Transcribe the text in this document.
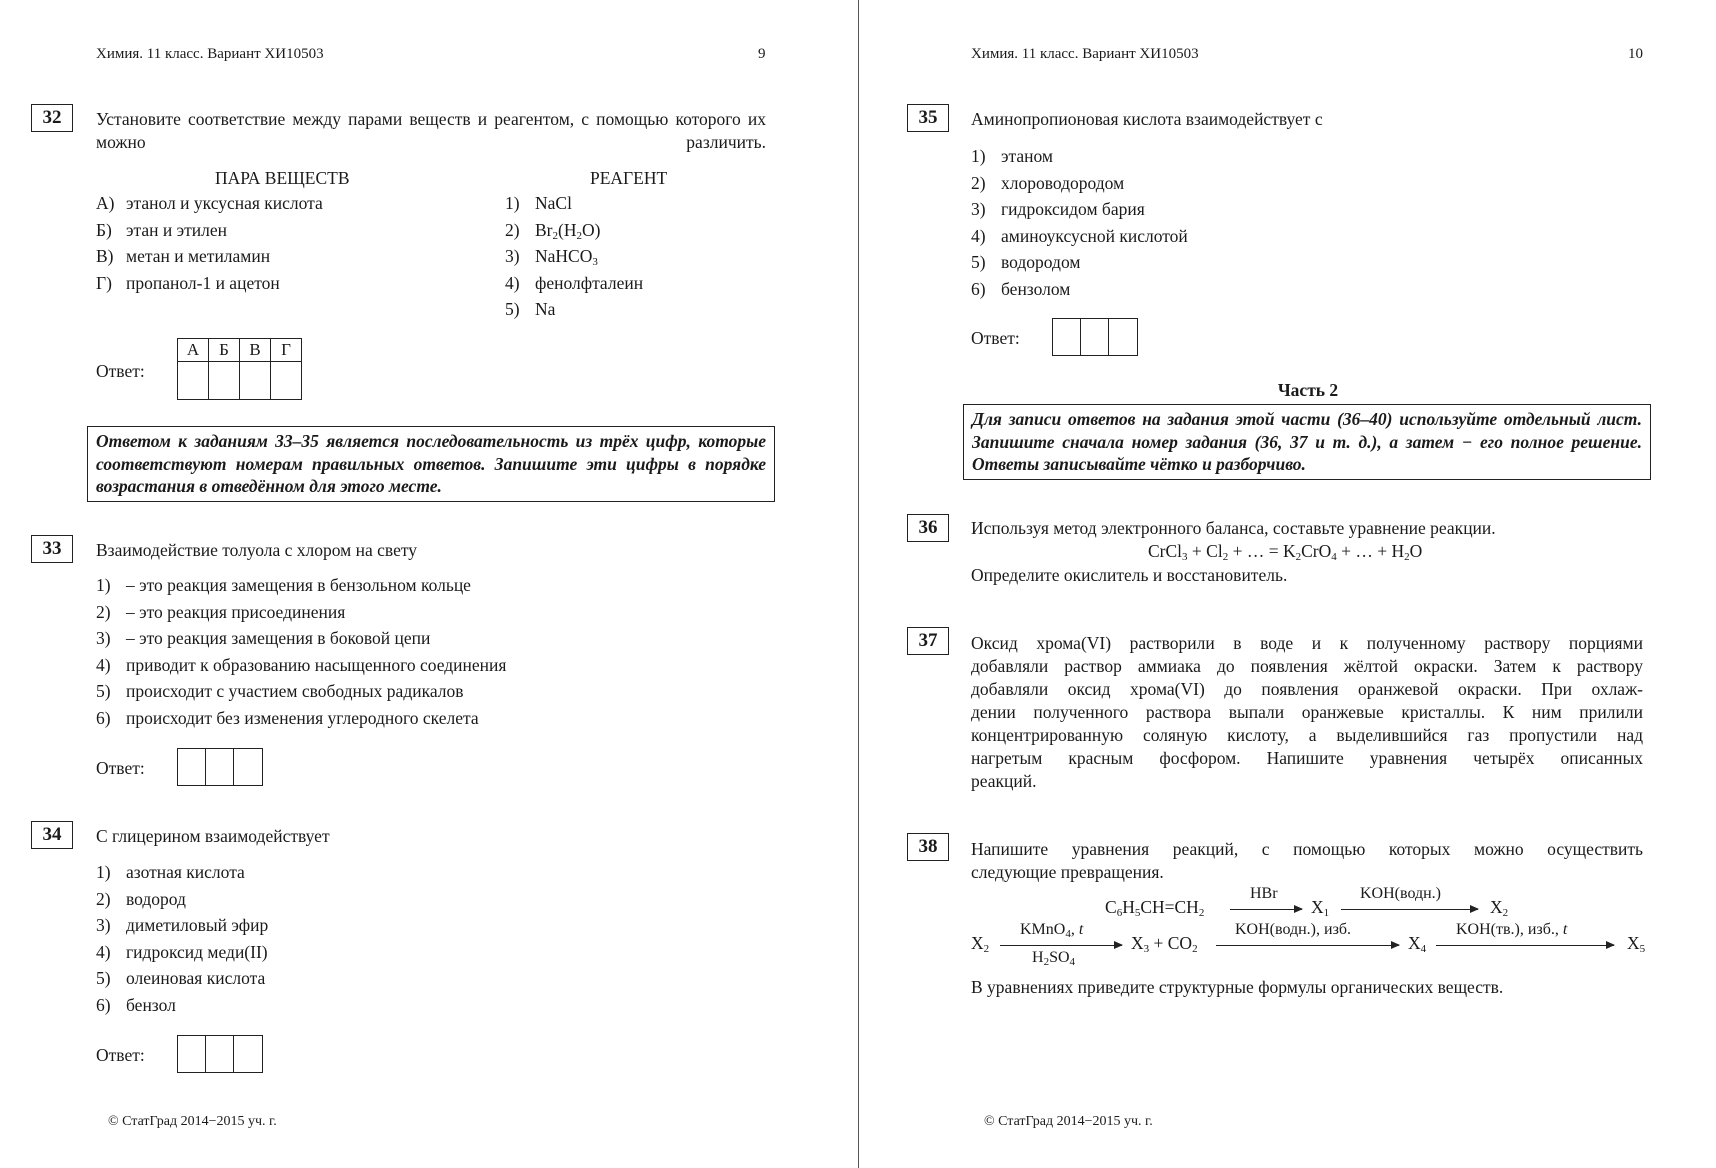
Химия. 11 класс. Вариант ХИ10503	9
32	Установите соответствие между парами веществ и реагентом, с помощью которого их можно различить.
ПАРА ВЕЩЕСТВ	РЕАГЕНТ
А) этанол и уксусная кислота
Б) этан и этилен
В) метан и метиламин
Г) пропанол-1 и ацетон
1) NaCl
2) $Br_2(H_2O)$
3) NaHCO$_3$
4) фенолфталеин
5) Na
Ответ:
А	Б	В	Г

Ответом к заданиям 33–35 является последовательность из трёх цифр, которые соответствуют номерам правильных ответов. Запишите эти цифры в порядке возрастания в отведённом для этого месте.
33	Взаимодействие толуола с хлором на свету
1) – это реакция замещения в бензольном кольце
2) – это реакция присоединения
3) – это реакция замещения в боковой цепи
4) приводит к образованию насыщенного соединения
5) происходит с участием свободных радикалов
6) происходит без изменения углеродного скелета
Ответ:
34	С глицерином взаимодействует
1) азотная кислота
2) водород
3) диметиловый эфир
4) гидроксид меди(II)
5) олеиновая кислота
6) бензол
Ответ:
© СтатГрад 2014−2015 уч. г.
Химия. 11 класс. Вариант ХИ10503	10
35	Аминопропионовая кислота взаимодействует с
1) этаном
2) хлороводородом
3) гидроксидом бария
4) аминоуксусной кислотой
5) водородом
6) бензолом
Ответ:
Часть 2
Для записи ответов на задания этой части (36–40) используйте отдельный лист. Запишите сначала номер задания (36, 37 и т. д.), а затем − его полное решение. Ответы записывайте чётко и разборчиво.
36	Используя метод электронного баланса, составьте уравнение реакции.
CrCl$_3$ + $Cl_2$ + … = $K_2CrO_4$ + … + $H_2O$
Определите окислитель и восстановитель.
37	Оксид хрома(VI) растворили в воде и к полученному раствору порциями
добавляли раствор аммиака до появления жёлтой окраски. Затем к раствору
добавляли оксид хрома(VI) до появления оранжевой окраски. При охлаж-
дении полученного раствора выпали оранжевые кристаллы. К ним прилили
концентрированную соляную кислоту, а выделившийся газ пропустили над
нагретым красным фосфором. Напишите уравнения четырёх описанных
реакций.
38	Напишите уравнения реакций, с помощью которых можно осуществить
следующие превращения.
$C_6H_5CH=CH_2$
HBr
$X_1$
KOH(водн.)
$X_2$
$X_2$
KMnO$_4$, t
$H_2SO_4$
$X_3 + CO_2$
KOH(водн.), изб.
$X_4$
KOH(тв.), изб., t
$X_5$
В уравнениях приведите структурные формулы органических веществ.
© СтатГрад 2014−2015 уч. г.
